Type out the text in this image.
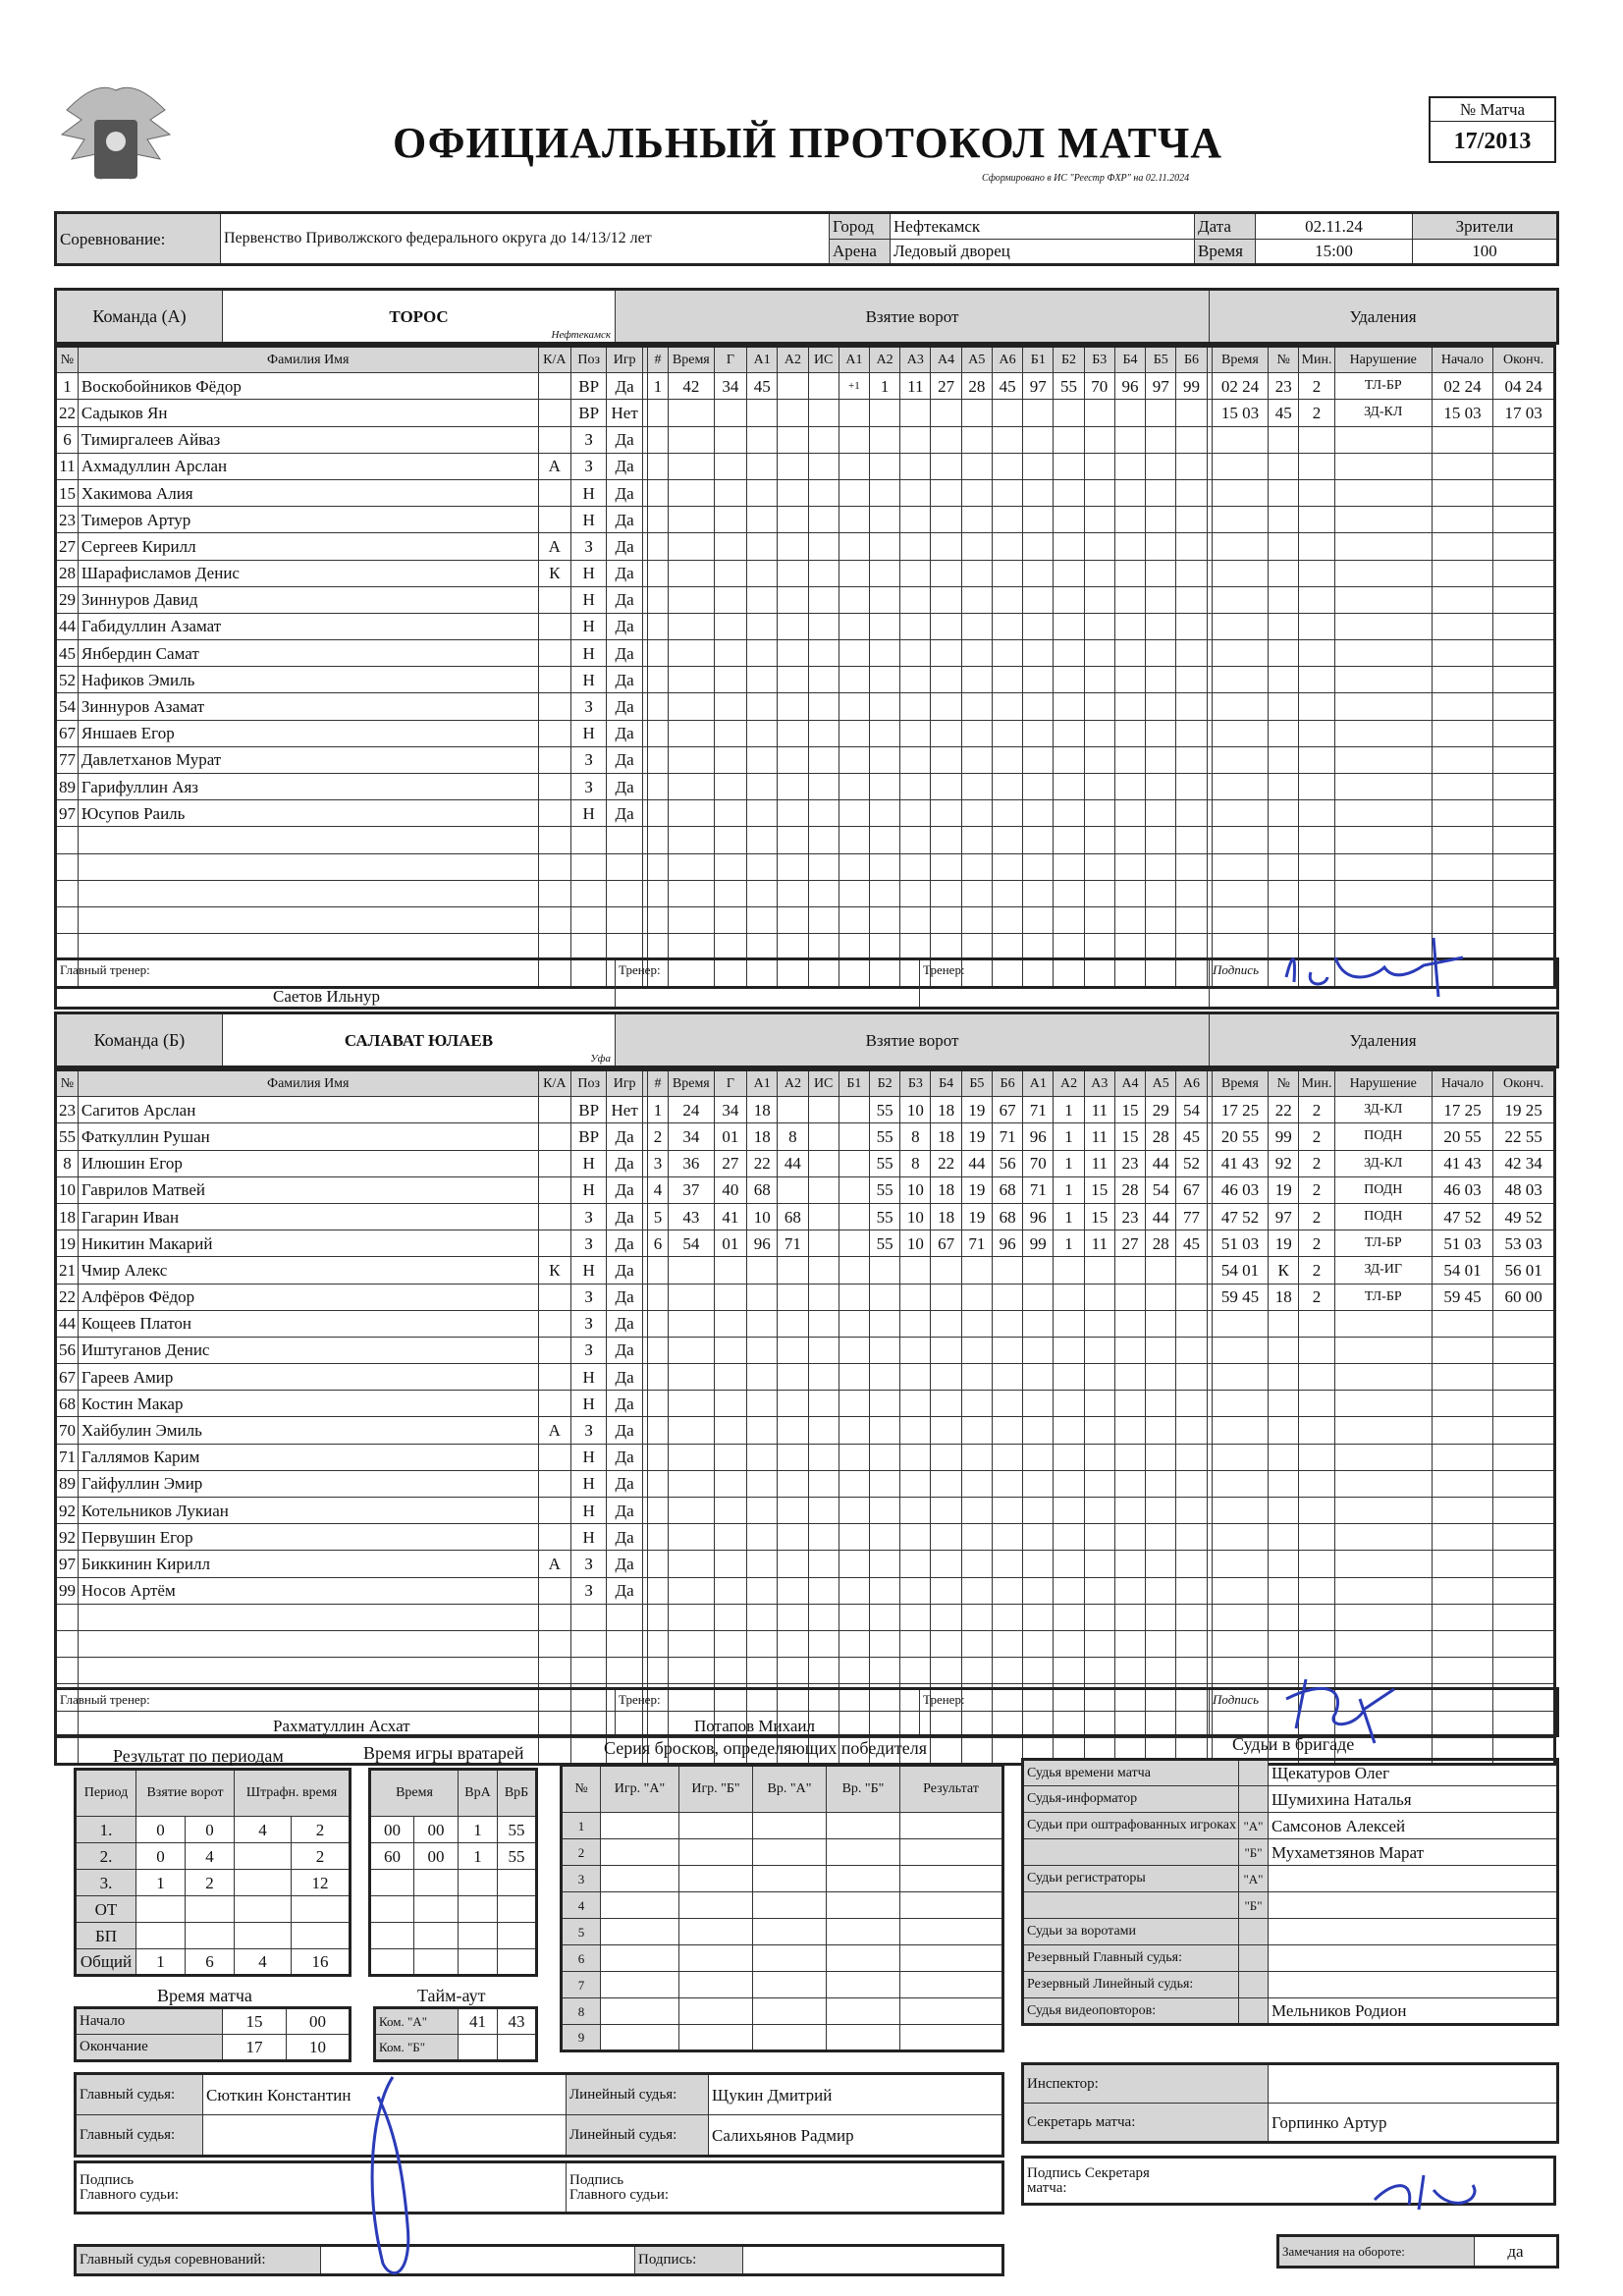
ОФИЦИАЛЬНЫЙ ПРОТОКОЛ МАТЧА
Сформировано в ИС "Реестр ФХР" на 02.11.2024
№ Матча
17/2013
Соревнование:	Первенство Приволжского федерального округа до 14/13/12 лет	Город	Нефтекамск	Дата	02.11.24	Зрители
		Арена	Ледовый дворец	Время	15:00	100
Команда (А)	ТОРОС
Нефтекамск
	Взятие ворот	Удаления
№	Фамилия Имя	К/А	Поз	Игр		#	Время	Г	А1	А2	ИС	А1	А2	А3	А4	А5	А6	Б1	Б2	Б3	Б4	Б5	Б6		Время	№	Мин.	Нарушение	Начало	Оконч.
1	Воскобойников Фёдор		ВР	Да		1	42	34	45			+1	1	11	27	28	45	97	55	70	96	97	99		02 24	23	2	ТЛ-БР	02 24	04 24
22	Садыков Ян		ВР	Нет																					15 03	45	2	ЗД-КЛ	15 03	17 03
6	Тимиргалеев Айваз		З	Да																										
11	Ахмадуллин Арслан	А	З	Да																										
15	Хакимова Алия		Н	Да																										
23	Тимеров Артур		Н	Да																										
27	Сергеев Кирилл	А	З	Да																										
28	Шарафисламов Денис	К	Н	Да																										
29	Зиннуров Давид		Н	Да																										
44	Габидуллин Азамат		Н	Да																										
45	Янбердин Самат		Н	Да																										
52	Нафиков Эмиль		Н	Да																										
54	Зиннуров Азамат		З	Да																										
67	Яншаев Егор		Н	Да																										
77	Давлетханов Мурат		З	Да																										
89	Гарифуллин Аяз		З	Да																										
97	Юсупов Раиль		Н	Да																										

Главный тренер:
Саетов Ильнур
	Тренер:	Тренер:	Подпись
Команда (Б)	САЛАВАТ ЮЛАЕВ
Уфа
	Взятие ворот	Удаления
№	Фамилия Имя	К/А	Поз	Игр		#	Время	Г	А1	А2	ИС	Б1	Б2	Б3	Б4	Б5	Б6	А1	А2	А3	А4	А5	А6		Время	№	Мин.	Нарушение	Начало	Оконч.
23	Сагитов Арслан		ВР	Нет		1	24	34	18				55	10	18	19	67	71	1	11	15	29	54		17 25	22	2	ЗД-КЛ	17 25	19 25
55	Фаткуллин Рушан		ВР	Да		2	34	01	18	8			55	8	18	19	71	96	1	11	15	28	45		20 55	99	2	ПОДН	20 55	22 55
8	Илюшин Егор		Н	Да		3	36	27	22	44			55	8	22	44	56	70	1	11	23	44	52		41 43	92	2	ЗД-КЛ	41 43	42 34
10	Гаврилов Матвей		Н	Да		4	37	40	68				55	10	18	19	68	71	1	15	28	54	67		46 03	19	2	ПОДН	46 03	48 03
18	Гагарин Иван		З	Да		5	43	41	10	68			55	10	18	19	68	96	1	15	23	44	77		47 52	97	2	ПОДН	47 52	49 52
19	Никитин Макарий		З	Да		6	54	01	96	71			55	10	67	71	96	99	1	11	27	28	45		51 03	19	2	ТЛ-БР	51 03	53 03
21	Чмир Алекс	К	Н	Да																					54 01	К	2	ЗД-ИГ	54 01	56 01
22	Алфёров Фёдор		З	Да																					59 45	18	2	ТЛ-БР	59 45	60 00
44	Кощеев Платон		З	Да																										
56	Иштуганов Денис		З	Да																										
67	Гареев Амир		Н	Да																										
68	Костин Макар		Н	Да																										
70	Хайбулин Эмиль	А	З	Да																										
71	Галлямов Карим		Н	Да																										
89	Гайфуллин Эмир		Н	Да																										
92	Котельников Лукиан		Н	Да																										
92	Первушин Егор		Н	Да																										
97	Биккинин Кирилл	А	З	Да																										
99	Носов Артём		З	Да																										

Главный тренер:
Рахматуллин Асхат
	Тренер:
Потапов Михаил
	Тренер:	Подпись
Результат по периодам
Период	Взятие ворот		Штрафн. время	
1.	0	0	4	2
2.	0	4		2
3.	1	2		12
ОТ				
БП				
Общий	1	6	4	16
Время игры вратарей
Время		ВрА	ВрБ
00	00	1	55
60	00	1	55

Время матча
Начало	15	00
Окончание	17	10
Тайм-аут
Ком. "А"	41	43
Ком. "Б"		
Серия бросков, определяющих победителя
№	Игр. "А"	Игр. "Б"	Вр. "А"	Вр. "Б"	Результат
1					
2					
3					
4					
5					
6					
7					
8					
9					
Судьи в бригаде
Судья времени матча		Щекатуров Олег
Судья-информатор		Шумихина Наталья
Судьи при оштрафованных игроках	"А"	Самсонов Алексей
	"Б"	Мухаметзянов Марат
Судьи регистраторы	"А"	
	"Б"	
Судьи за воротами		
Резервный Главный судья:		
Резервный Линейный судья:		
Судья видеоповторов:		Мельников Родион
Главный судья:	Сюткин Константин	Линейный судья:	Щукин Дмитрий
Главный судья:		Линейный судья:	Салихьянов Радмир
Инспектор:	
Секретарь матча:	Горпинко Артур
Подпись Главного судьи:	Подпись Главного судьи:
Подпись Секретаря матча:
Главный судья соревнований:		Подпись:	
Замечания на обороте:	да
